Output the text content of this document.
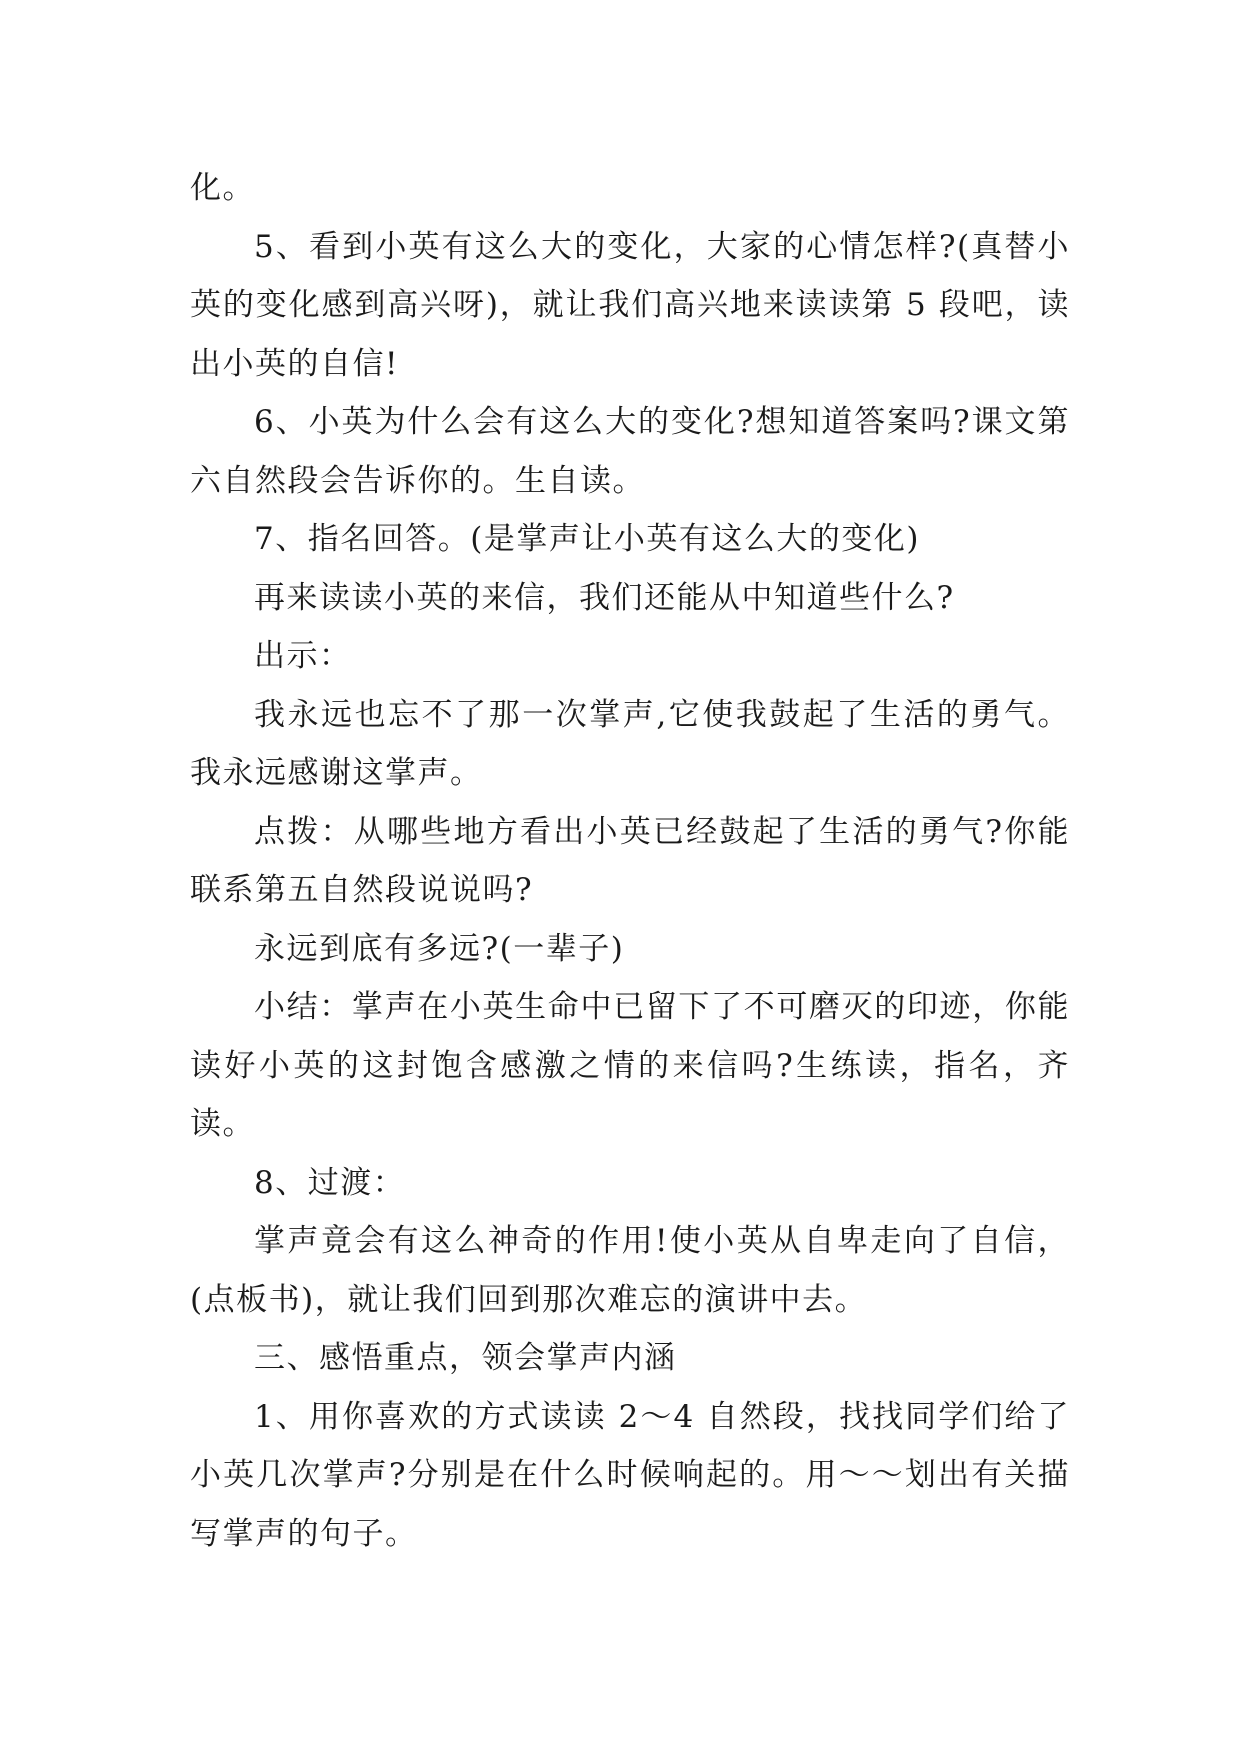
化。

5、看到小英有这么大的变化，大家的心情怎样?(真替小英的变化感到高兴呀)，就让我们高兴地来读读第 5 段吧，读出小英的自信!

6、小英为什么会有这么大的变化?想知道答案吗?课文第六自然段会告诉你的。生自读。

7、指名回答。(是掌声让小英有这么大的变化)

再来读读小英的来信，我们还能从中知道些什么?

出示：

我永远也忘不了那一次掌声,它使我鼓起了生活的勇气。我永远感谢这掌声。

点拨：从哪些地方看出小英已经鼓起了生活的勇气?你能联系第五自然段说说吗?

永远到底有多远?(一辈子)

小结：掌声在小英生命中已留下了不可磨灭的印迹，你能读好小英的这封饱含感激之情的来信吗?生练读，指名，齐读。

8、过渡：

掌声竟会有这么神奇的作用!使小英从自卑走向了自信，(点板书)，就让我们回到那次难忘的演讲中去。

三、感悟重点，领会掌声内涵

1、用你喜欢的方式读读 2～4 自然段，找找同学们给了小英几次掌声?分别是在什么时候响起的。用～～划出有关描写掌声的句子。
